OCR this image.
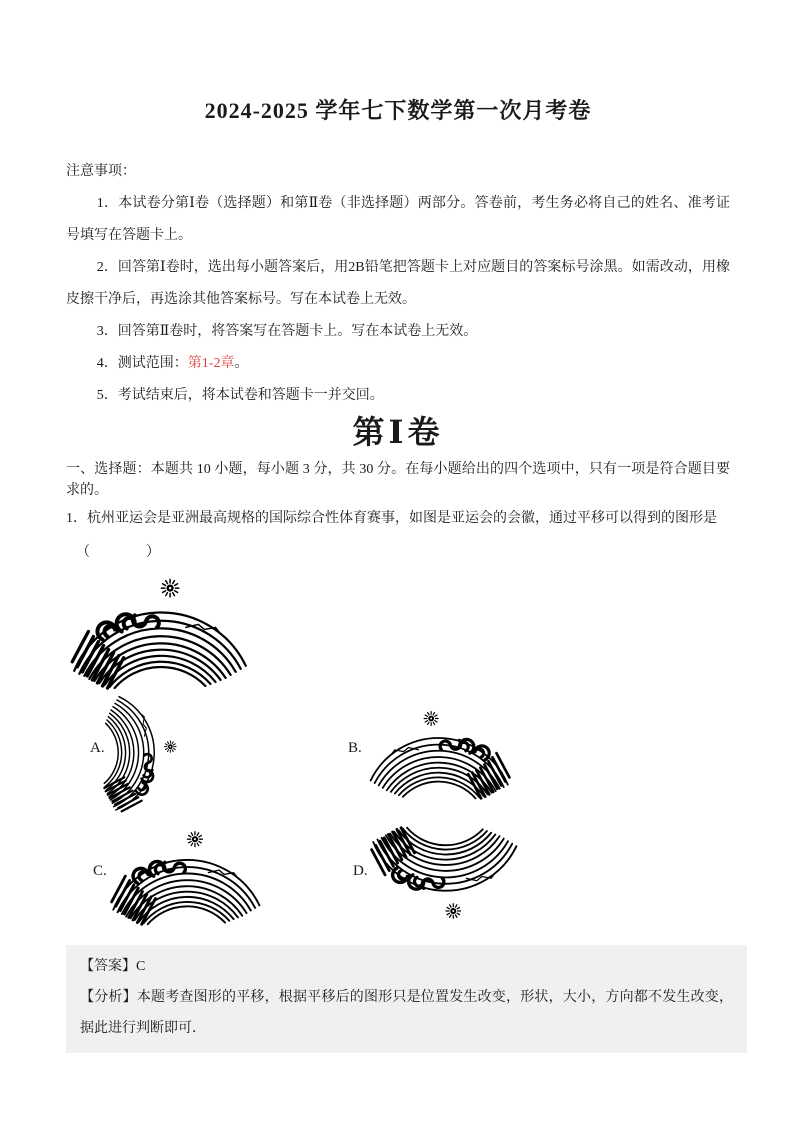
2024-2025 学年七下数学第一次月考卷

注意事项：

1．本试卷分第Ⅰ卷（选择题）和第Ⅱ卷（非选择题）两部分。答卷前，考生务必将自己的姓名、准考证号填写在答题卡上。

2．回答第Ⅰ卷时，选出每小题答案后，用2B铅笔把答题卡上对应题目的答案标号涂黑。如需改动，用橡皮擦干净后，再选涂其他答案标号。写在本试卷上无效。

3．回答第Ⅱ卷时，将答案写在答题卡上。写在本试卷上无效。

4．测试范围：第1-2章。

5．考试结束后，将本试卷和答题卡一并交回。

第Ⅰ卷

一、选择题：本题共 10 小题，每小题 3 分，共 30 分。在每小题给出的四个选项中，只有一项是符合题目要求的。

1．杭州亚运会是亚洲最高规格的国际综合性体育赛事，如图是亚运会的会徽，通过平移可以得到的图形是

（　　　　）

A.	B.
C.	D.

【答案】C

【分析】本题考查图形的平移，根据平移后的图形只是位置发生改变，形状，大小，方向都不发生改变，据此进行判断即可．
